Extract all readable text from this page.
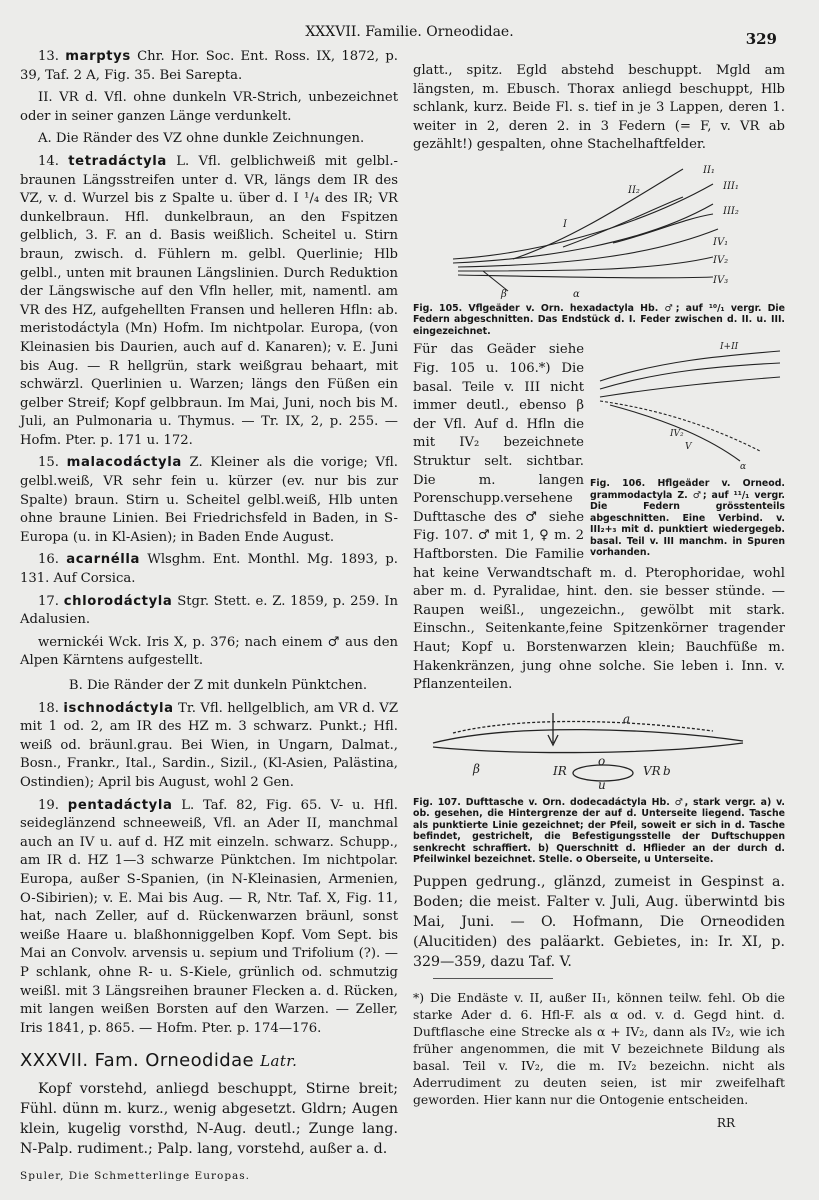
XXXVII. Familie. Orneodidae.	329

13. marptys Chr. Hor. Soc. Ent. Ross. IX, 1872, p. 39, Taf. 2 A, Fig. 35. Bei Sarepta.

II. VR d. Vfl. ohne dunkeln VR-Strich, unbezeichnet oder in seiner ganzen Länge verdunkelt.

A. Die Ränder des VZ ohne dunkle Zeichnungen.

14. tetradáctyla L. Vfl. gelblichweiß mit gelbl.-braunen Längsstreifen unter d. VR, längs dem IR des VZ, v. d. Wurzel bis z Spalte u. über d. I ¹/₄ des IR; VR dunkelbraun. Hfl. dunkelbraun, an den Fspitzen gelblich, 3. F. an d. Basis weißlich. Scheitel u. Stirn braun, zwisch. d. Fühlern m. gelbl. Querlinie; Hlb gelbl., unten mit braunen Längslinien. Durch Reduktion der Längswische auf den Vfln heller, mit, namentl. am VR des HZ, aufgehellten Fransen und helleren Hfln: ab. meristodáctyla (Mn) Hofm. Im nichtpolar. Europa, (von Kleinasien bis Daurien, auch auf d. Kanaren); v. E. Juni bis Aug. — R hellgrün, stark weißgrau behaart, mit schwärzl. Querlinien u. Warzen; längs den Füßen ein gelber Streif; Kopf gelbbraun. Im Mai, Juni, noch bis M. Juli, an Pulmonaria u. Thymus. — Tr. IX, 2, p. 255. — Hofm. Pter. p. 171 u. 172.

15. malacodáctyla Z. Kleiner als die vorige; Vfl. gelbl.weiß, VR sehr fein u. kürzer (ev. nur bis zur Spalte) braun. Stirn u. Scheitel gelbl.weiß, Hlb unten ohne braune Linien. Bei Friedrichsfeld in Baden, in S-Europa (u. in Kl-Asien); in Baden Ende August.

16. acarnélla Wlsghm. Ent. Monthl. Mg. 1893, p. 131. Auf Corsica.

17. chlorodáctyla Stgr. Stett. e. Z. 1859, p. 259. In Adalusien.

wernickéi Wck. Iris X, p. 376; nach einem ♂ aus den Alpen Kärntens aufgestellt.

B. Die Ränder der Z mit dunkeln Pünktchen.

18. ischnodáctyla Tr. Vfl. hellgelblich, am VR d. VZ mit 1 od. 2, am IR des HZ m. 3 schwarz. Punkt.; Hfl. weiß od. bräunl.grau. Bei Wien, in Ungarn, Dalmat., Bosn., Frankr., Ital., Sardin., Sizil., (Kl-Asien, Palästina, Ostindien); April bis August, wohl 2 Gen.

19. pentadáctyla L. Taf. 82, Fig. 65. V- u. Hfl. seideglänzend schneeweiß, Vfl. an Ader II, manchmal auch an IV u. auf d. HZ mit einzeln. schwarz. Schupp., am IR d. HZ 1—3 schwarze Pünktchen. Im nichtpolar. Europa, außer S-Spanien, (in N-Kleinasien, Armenien, O-Sibirien); v. E. Mai bis Aug. — R, Ntr. Taf. X, Fig. 11, hat, nach Zeller, auf d. Rückenwarzen bräunl, sonst weiße Haare u. blaßhonniggelben Kopf. Vom Sept. bis Mai an Convolv. arvensis u. sepium und Trifolium (?). — P schlank, ohne R- u. S-Kiele, grünlich od. schmutzig weißl. mit 3 Längsreihen brauner Flecken a. d. Rücken, mit langen weißen Borsten auf den Warzen. — Zeller, Iris 1841, p. 865. — Hofm. Pter. p. 174—176.

XXXVII. Fam. Orneodidae Latr.

Kopf vorstehd, anliegd beschuppt, Stirne breit; Fühl. dünn m. kurz., wenig abgesetzt. Gldrn; Augen klein, kugelig vorsthd, N-Aug. deutl.; Zunge lang. N-Palp. rudiment.; Palp. lang, vorstehd, außer a. d.

Spuler, Die Schmetterlinge Europas.

glatt., spitz. Egld abstehd beschuppt. Mgld am längsten, m. Ebusch. Thorax anliegd beschuppt, Hlb schlank, kurz. Beide Fl. s. tief in je 3 Lappen, deren 1. weiter in 2, deren 2. in 3 Federn (= F, v. VR ab gezählt!) gespalten, ohne Stachelhaftfelder.

II₁
II₂
I
III₁
III₂
IV₁
IV₂
IV₃
β	α

Fig. 105. Vflgeäder v. Orn. hexadactyla Hb. ♂; auf ¹⁰/₁ vergr. Die Federn abgeschnitten. Das Endstück d. I. Feder zwischen d. II. u. III. eingezeichnet.

I+II
IV₂
V
α

Fig. 106. Hflgeäder v. Orneod. grammodactyla Z. ♂; auf ¹¹/₁ vergr. Die Federn grösstenteils abgeschnitten. Eine Verbind. v. III₂+₃ mit d. punktiert wiedergegeb. basal. Teil v. III manchm. in Spuren vorhanden.

Für das Geäder siehe Fig. 105 u. 106.*) Die basal. Teile v. III nicht immer deutl., ebenso β der Vfl. Auf d. Hfln die mit IV₂ bezeichnete Struktur selt. sichtbar. Die m. langen Porenschupp.versehene Dufttasche des ♂ siehe Fig. 107. ♂ mit 1, ♀ m. 2 Haftborsten. Die Familie hat keine Verwandtschaft m. d. Pterophoridae, wohl aber m. d. Pyralidae, hint. den. sie besser stünde. — Raupen weißl., ungezeichn., gewölbt mit stark. Einschn., Seitenkante,feine Spitzenkörner tragender Haut; Kopf u. Borstenwarzen klein; Bauchfüße m. Hakenkränzen, jung ohne solche. Sie leben i. Inn. v. Pflanzenteilen.

a
β	IR	VR
o
u
b

Fig. 107. Dufttasche v. Orn. dodecadáctyla Hb. ♂, stark vergr. a) v. ob. gesehen, die Hintergrenze der auf d. Unterseite liegend. Tasche als punktierte Linie gezeichnet; der Pfeil, soweit er sich in d. Tasche befindet, gestrichelt, die Befestigungsstelle der Duftschuppen senkrecht schraffiert. b) Querschnitt d. Hflieder an der durch d. Pfeilwinkel bezeichnet. Stelle. o Oberseite, u Unterseite.

Puppen gedrung., glänzd, zumeist in Gespinst a. Boden; die meist. Falter v. Juli, Aug. überwintd bis Mai, Juni. — O. Hofmann, Die Orneodiden (Alucitiden) des paläarkt. Gebietes, in: Ir. XI, p. 329—359, dazu Taf. V.

*) Die Endäste v. II, außer II₁, können teilw. fehl. Ob die starke Ader d. 6. Hfl-F. als α od. v. d. Gegd hint. d. Duftflasche eine Strecke als α + IV₂, dann als IV₂, wie ich früher angenommen, die mit V bezeichnete Bildung als basal. Teil v. IV₂, die m. IV₂ bezeichn. nicht als Aderrudiment zu deuten seien, ist mir zweifelhaft geworden. Hier kann nur die Ontogenie entscheiden.

RR
